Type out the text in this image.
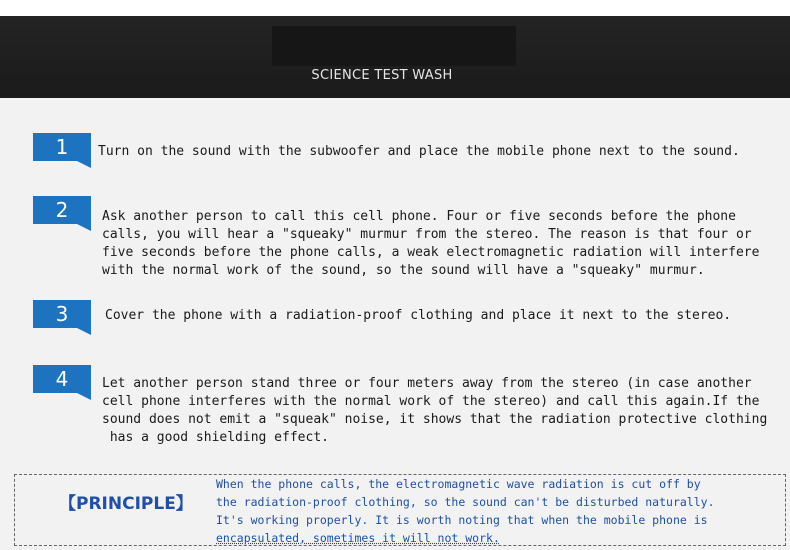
SCIENCE TEST WASH
1	Turn on the sound with the subwoofer and place the mobile phone next to the sound.
2	Ask another person to call this cell phone. Four or five seconds before the phone
calls, you will hear a "squeaky" murmur from the stereo. The reason is that four or
five seconds before the phone calls, a weak electromagnetic radiation will interfere
with the normal work of the sound, so the sound will have a "squeaky" murmur.
3	Cover the phone with a radiation-proof clothing and place it next to the stereo.
4	Let another person stand three or four meters away from the stereo (in case another
cell phone interferes with the normal work of the stereo) and call this again.If the
sound does not emit a "squeak" noise, it shows that the radiation protective clothing
has a good shielding effect.
【PRINCIPLE】
When the phone calls, the electromagnetic wave radiation is cut off by
the radiation-proof clothing, so the sound can't be disturbed naturally.
It's working properly. It is worth noting that when the mobile phone is
encapsulated, sometimes it will not work.
